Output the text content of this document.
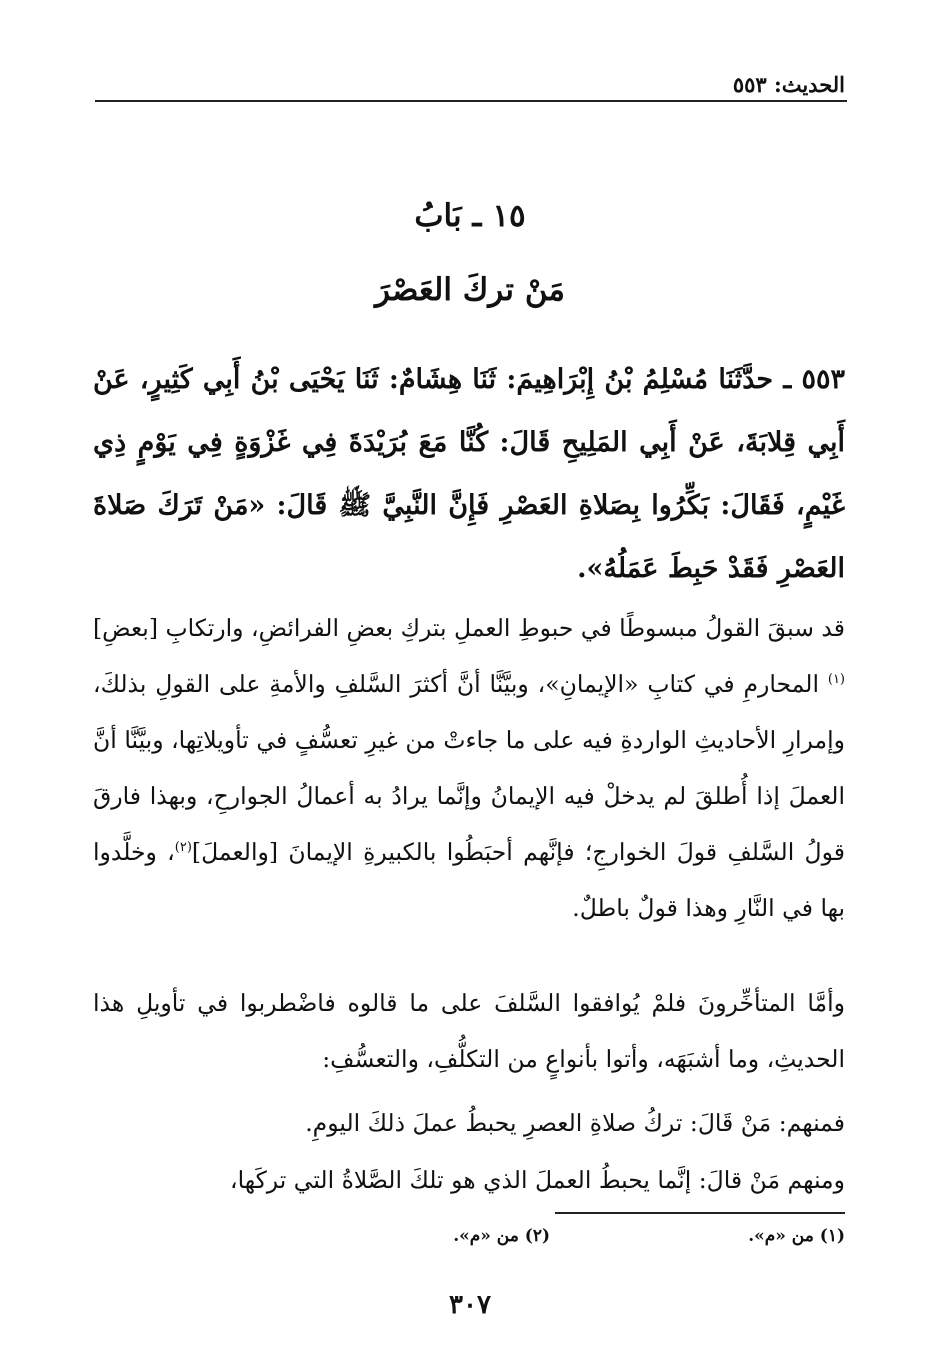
الحديث: ٥٥٣
١٥ ـ بَابُ
مَنْ تركَ العَصْرَ
٥٥٣ ـ حدَّثَنَا مُسْلِمُ بْنُ إِبْرَاهِيمَ: ثَنَا هِشَامٌ: ثَنَا يَحْيَى بْنُ أَبِي كَثِيرٍ، عَنْ أَبِي قِلابَةَ، عَنْ أَبِي المَلِيحِ قَالَ: كُنَّا مَعَ بُرَيْدَةَ فِي غَزْوَةٍ فِي يَوْمٍ ذِي غَيْمٍ، فَقَالَ: بَكِّرُوا بِصَلاةِ العَصْرِ فَإِنَّ النَّبِيَّ ﷺ قَالَ: «مَنْ تَرَكَ صَلاةَ العَصْرِ فَقَدْ حَبِطَ عَمَلُهُ».
قد سبقَ القولُ مبسوطًا في حبوطِ العملِ بتركِ بعضِ الفرائضِ، وارتكابِ [بعضِ]$^{(١)}$ المحارمِ في كتابِ «الإيمانِ»، وبيَّنَّا أنَّ أكثرَ السَّلفِ والأمةِ على القولِ بذلكَ، وإمرارِ الأحاديثِ الواردةِ فيه على ما جاءتْ من غيرِ تعسُّفٍ في تأويلاتِها، وبيَّنَّا أنَّ العملَ إذا أُطلقَ لم يدخلْ فيه الإيمانُ وإنَّما يرادُ به أعمالُ الجوارحِ، وبهذا فارقَ قولُ السَّلفِ قولَ الخوارجِ؛ فإنَّهم أحبَطُوا بالكبيرةِ الإيمانَ [والعملَ]$^{(٢)}$، وخلَّدوا بها في النَّارِ وهذا قولٌ باطلٌ.
وأمَّا المتأخِّرونَ فلمْ يُوافقوا السَّلفَ على ما قالوه فاضْطربوا في تأويلِ هذا الحديثِ، وما أشبَهَه، وأتوا بأنواعٍ من التكلُّفِ، والتعسُّفِ:
فمنهم: مَنْ قَالَ: تركُ صلاةِ العصرِ يحبطُ عملَ ذلكَ اليومِ.
ومنهم مَنْ قالَ: إنَّما يحبطُ العملَ الذي هو تلكَ الصَّلاةُ التي تركَها،
(١) من «م».
(٢) من «م».
٣٠٧
